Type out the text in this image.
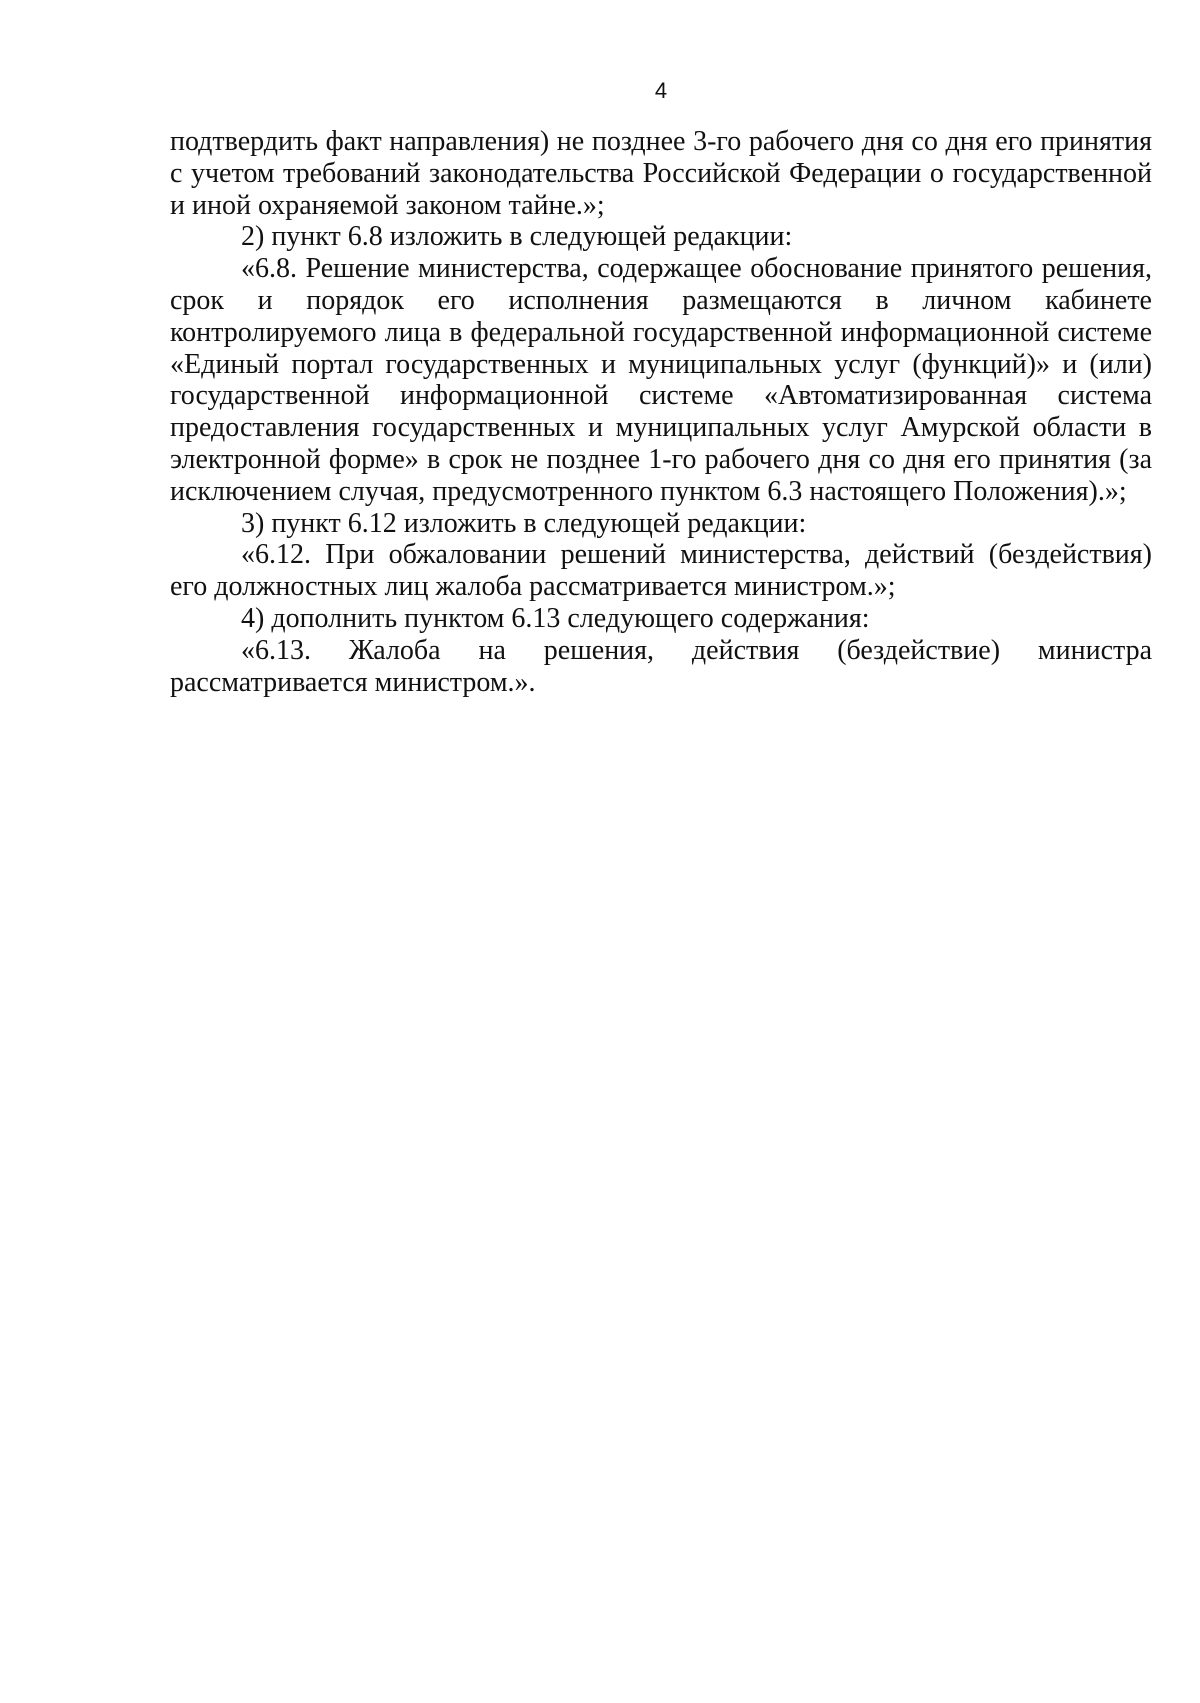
4

подтвердить факт направления) не позднее 3-го рабочего дня со дня его принятия с учетом требований законодательства Российской Федерации о государственной и иной охраняемой законом тайне.»;

2) пункт 6.8 изложить в следующей редакции:

«6.8. Решение министерства, содержащее обоснование принятого решения, срок и порядок его исполнения размещаются в личном кабинете контролируемого лица в федеральной государственной информационной системе «Единый портал государственных и муниципальных услуг (функций)» и (или) государственной информационной системе «Автоматизированная система предоставления государственных и муниципальных услуг Амурской области в электронной форме» в срок не позднее 1-го рабочего дня со дня его принятия (за исключением случая, предусмотренного пунктом 6.3 настоящего Положения).»;

3) пункт 6.12 изложить в следующей редакции:

«6.12. При обжаловании решений министерства, действий (бездействия) его должностных лиц жалоба рассматривается министром.»;

4) дополнить пунктом 6.13 следующего содержания:

«6.13. Жалоба на решения, действия (бездействие) министра рассматривается министром.».
